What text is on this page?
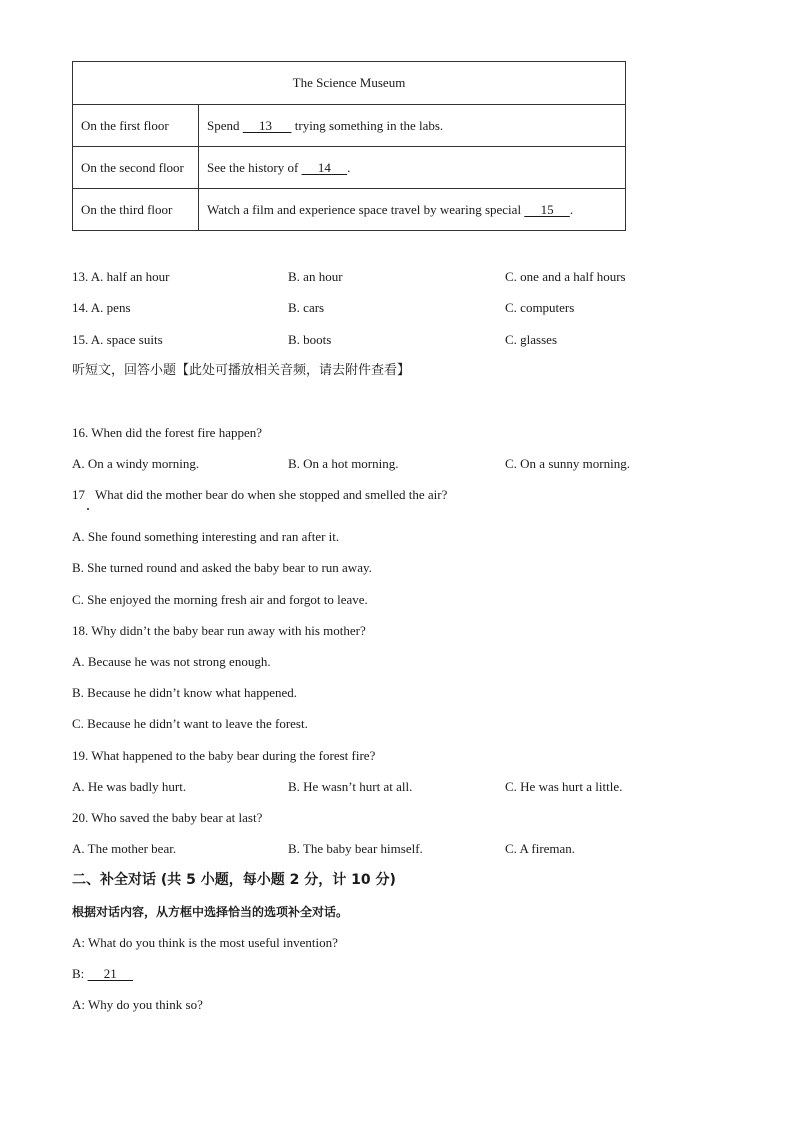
The Science Museum	
On the first floor	Spend      13       trying something in the labs.
On the second floor	See the history of      14     .
On the third floor	Watch a film and experience space travel by wearing special      15     .
13. A. half an hour	B. an hour	C. one and a half hours
14. A. pens	B. cars	C. computers
15. A. space suits	B. boots	C. glasses
听短文，回答小题【此处可播放相关音频，请去附件查看】
16. When did the forest fire happen?
A. On a windy morning.	B. On a hot morning.	C. On a sunny morning.
17 What did the mother bear do when she stopped and smelled the air?
A. She found something interesting and ran after it.
B. She turned round and asked the baby bear to run away.
C. She enjoyed the morning fresh air and forgot to leave.
18. Why didn’t the baby bear run away with his mother?
A. Because he was not strong enough.
B. Because he didn’t know what happened.
C. Because he didn’t want to leave the forest.
19. What happened to the baby bear during the forest fire?
A. He was badly hurt.	B. He wasn’t hurt at all.	C. He was hurt a little.
20. Who saved the baby bear at last?
A. The mother bear.	B. The baby bear himself.	C. A fireman.
二、补全对话 (共 5 小题，每小题 2 分，计 10 分)
根据对话内容，从方框中选择恰当的选项补全对话。
A: What do you think is the most useful invention?
B:      21
A: Why do you think so?
